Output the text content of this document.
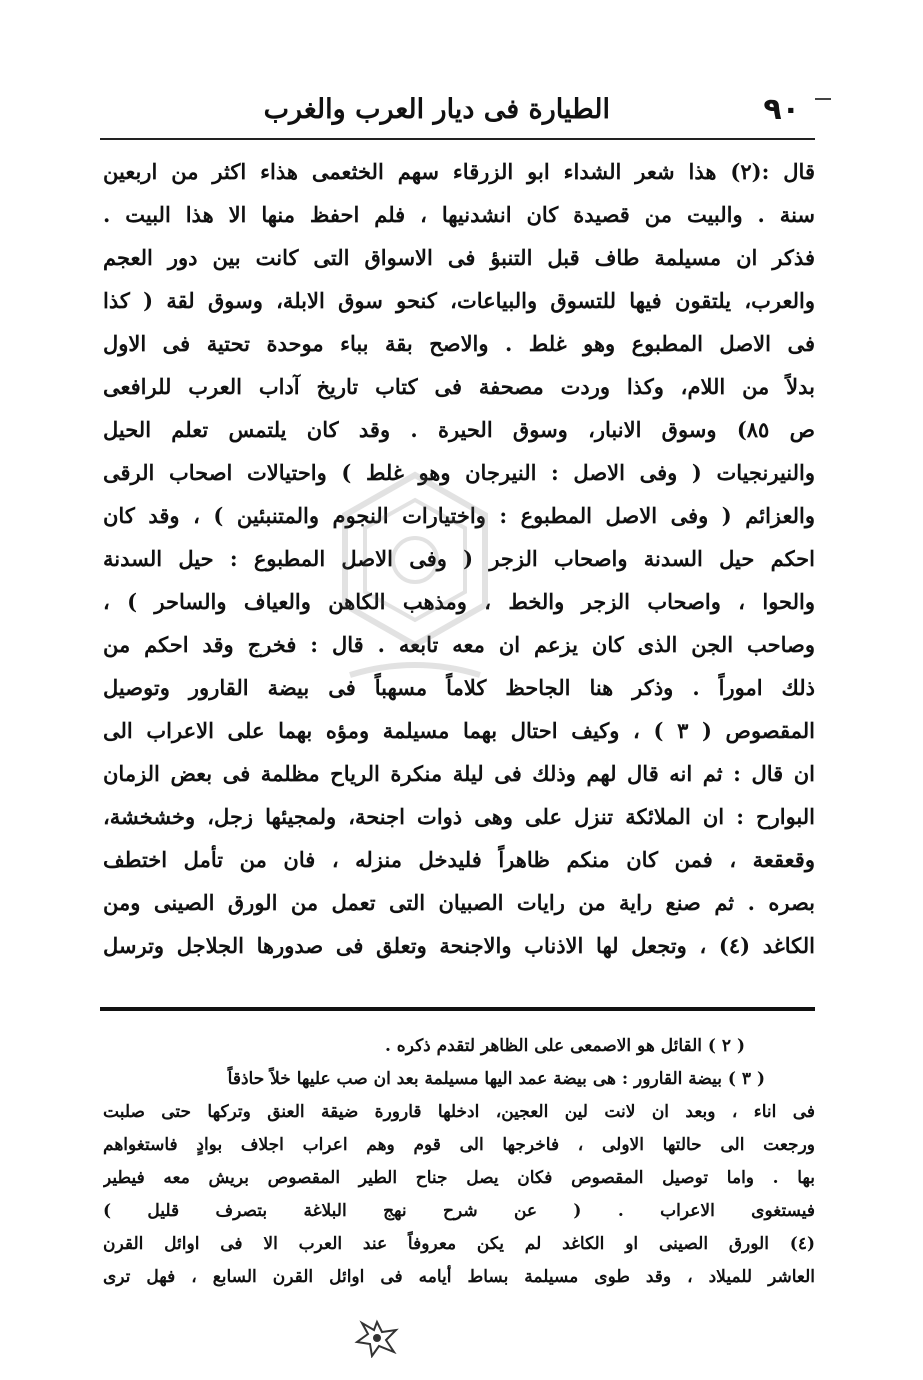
٩٠
الطيارة فى ديار العرب والغرب
قال :(٢) هذا شعر الشداء ابو الزرقاء سهم الخثعمى هذاء اكثر من اربعين
سنة . والبيت من قصيدة كان انشدنيها ، فلم احفظ منها الا هذا البيت .
فذكر ان مسيلمة طاف قبل التنبؤ فى الاسواق التى كانت بين دور العجم
والعرب، يلتقون فيها للتسوق والبياعات، كنحو سوق الابلة، وسوق لقة ( كذا
فى الاصل المطبوع وهو غلط . والاصح بقة بباء موحدة تحتية فى الاول
بدلاً من اللام، وكذا وردت مصحفة فى كتاب تاريخ آداب العرب للرافعى
ص ٨٥) وسوق الانبار، وسوق الحيرة . وقد كان يلتمس تعلم الحيل
والنيرنجيات ( وفى الاصل : النيرجان وهو غلط ) واحتيالات اصحاب الرقى
والعزائم ( وفى الاصل المطبوع : واختيارات النجوم والمتنبئين ) ، وقد كان
احكم حيل السدنة واصحاب الزجر ( وفى الاصل المطبوع : حيل السدنة
والحوا ، واصحاب الزجر والخط ، ومذهب الكاهن والعياف والساحر ) ،
وصاحب الجن الذى كان يزعم ان معه تابعه . قال : فخرج وقد احكم من
ذلك اموراً . وذكر هنا الجاحظ كلاماً مسهباً فى بيضة القارور وتوصيل
المقصوص ( ٣ ) ، وكيف احتال بهما مسيلمة ومؤه بهما على الاعراب الى
ان قال : ثم انه قال لهم وذلك فى ليلة منكرة الرياح مظلمة فى بعض الزمان
البوارح : ان الملائكة تنزل على وهى ذوات اجنحة، ولمجيئها زجل، وخشخشة،
وقعقعة ، فمن كان منكم ظاهراً فليدخل منزله ، فان من تأمل اختطف
بصره . ثم صنع راية من رايات الصبيان التى تعمل من الورق الصينى ومن
الكاغد (٤) ، وتجعل لها الاذناب والاجنحة وتعلق فى صدورها الجلاجل وترسل
( ٢ ) القائل هو الاصمعى على الظاهر لتقدم ذكره .
( ٣ ) بيضة القارور : هى بيضة عمد اليها مسيلمة بعد ان صب عليها خلاً حاذقاً
فى اناء ، وبعد ان لانت لين العجين، ادخلها قارورة ضيقة العنق وتركها حتى صلبت
ورجعت الى حالتها الاولى ، فاخرجها الى قوم وهم اعراب اجلاف بوادٍ فاستغواهم
بها . واما توصيل المقصوص فكان يصل جناح الطير المقصوص بريش معه فيطير
فيستغوى الاعراب . ( عن شرح نهج البلاغة بتصرف قليل )
(٤) الورق الصينى او الكاغد لم يكن معروفاً عند العرب الا فى اوائل القرن
العاشر للميلاد ، وقد طوى مسيلمة بساط أيامه فى اوائل القرن السابع ، فهل ترى
